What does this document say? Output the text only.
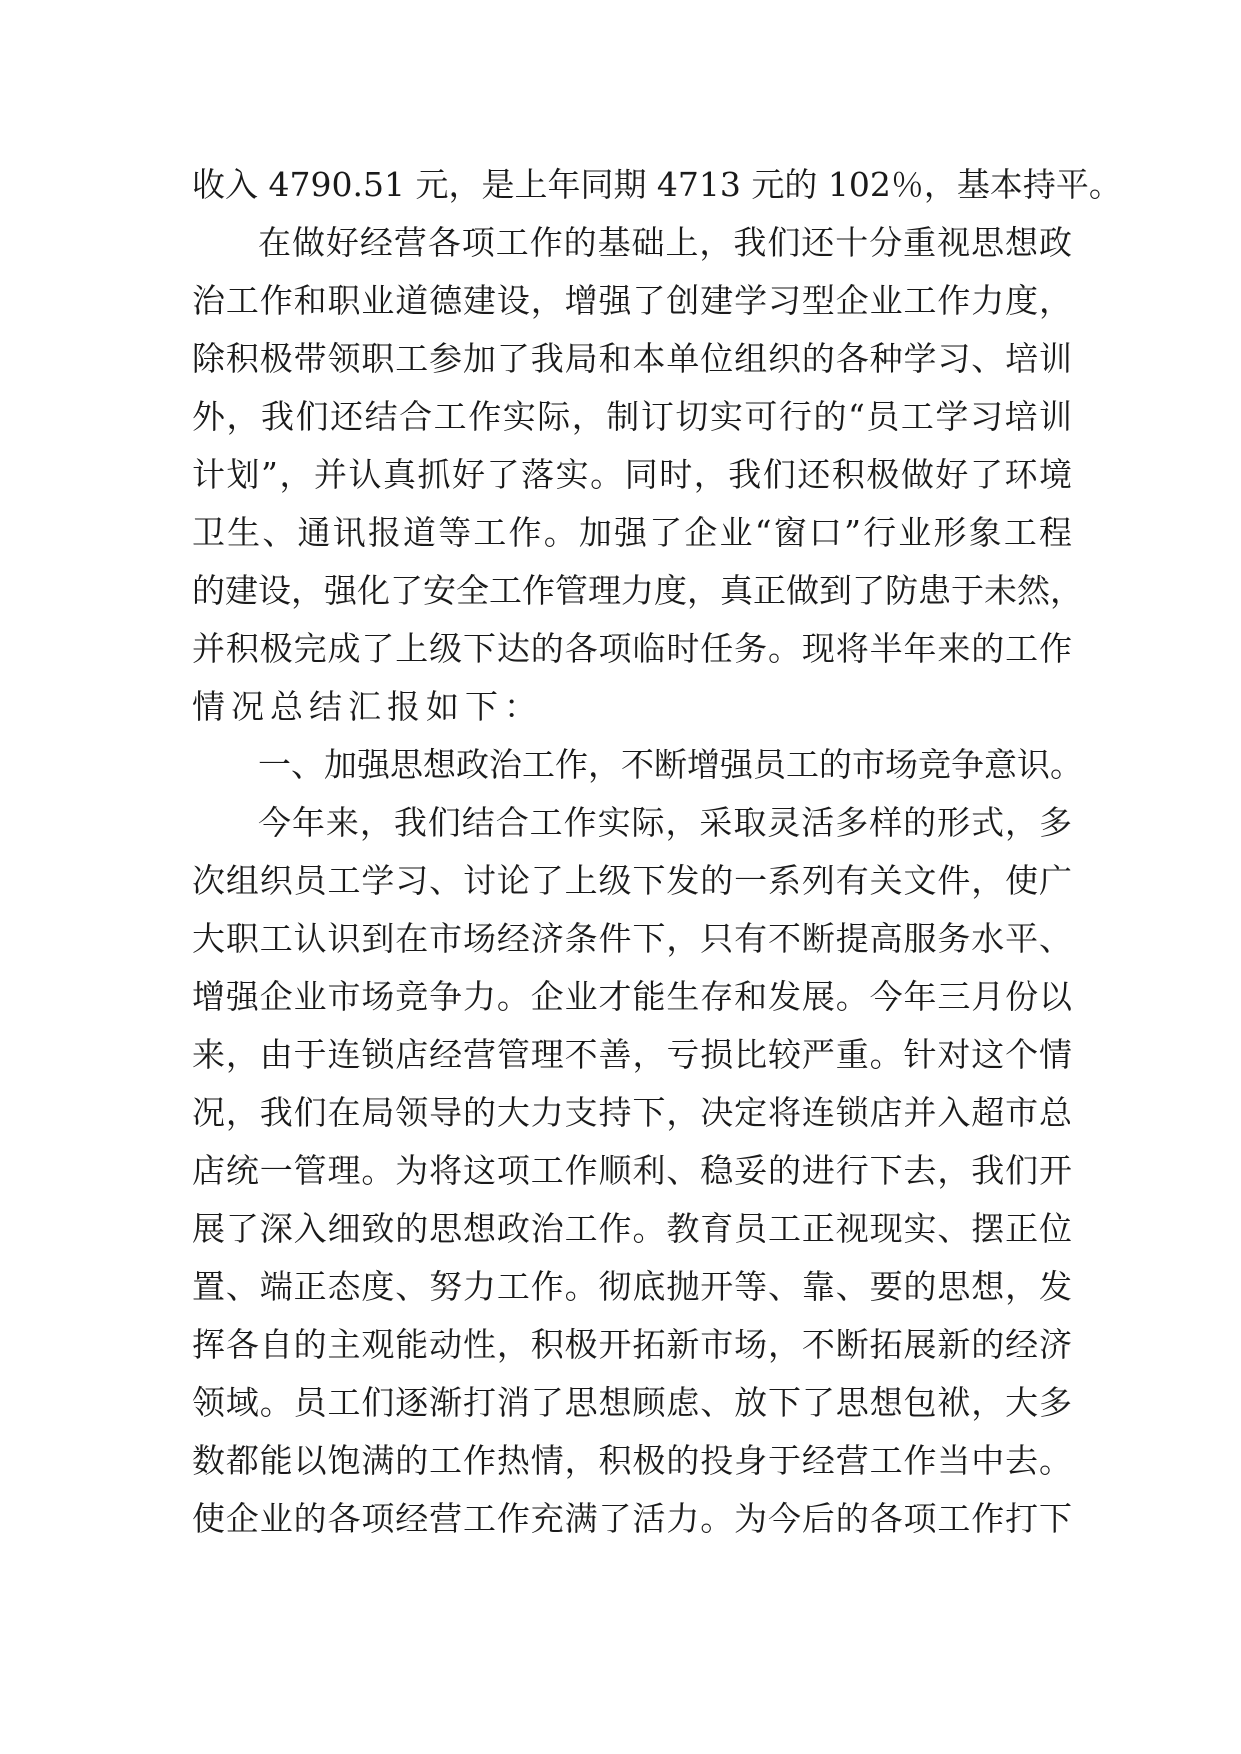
收入 4790.51 元，是上年同期 4713 元的 102％，基本持平。
在做好经营各项工作的基础上，我们还十分重视思想政
治工作和职业道德建设，增强了创建学习型企业工作力度，
除积极带领职工参加了我局和本单位组织的各种学习、培训
外，我们还结合工作实际，制订切实可行的“员工学习培训
计划”，并认真抓好了落实。同时，我们还积极做好了环境
卫生、通讯报道等工作。加强了企业“窗口”行业形象工程
的建设，强化了安全工作管理力度，真正做到了防患于未然，
并积极完成了上级下达的各项临时任务。现将半年来的工作
情况总结汇报如下：
一、加强思想政治工作，不断增强员工的市场竞争意识。
今年来，我们结合工作实际，采取灵活多样的形式，多
次组织员工学习、讨论了上级下发的一系列有关文件，使广
大职工认识到在市场经济条件下，只有不断提高服务水平、
增强企业市场竞争力。企业才能生存和发展。今年三月份以
来，由于连锁店经营管理不善，亏损比较严重。针对这个情
况，我们在局领导的大力支持下，决定将连锁店并入超市总
店统一管理。为将这项工作顺利、稳妥的进行下去，我们开
展了深入细致的思想政治工作。教育员工正视现实、摆正位
置、端正态度、努力工作。彻底抛开等、靠、要的思想，发
挥各自的主观能动性，积极开拓新市场，不断拓展新的经济
领域。员工们逐渐打消了思想顾虑、放下了思想包袱，大多
数都能以饱满的工作热情，积极的投身于经营工作当中去。
使企业的各项经营工作充满了活力。为今后的各项工作打下
